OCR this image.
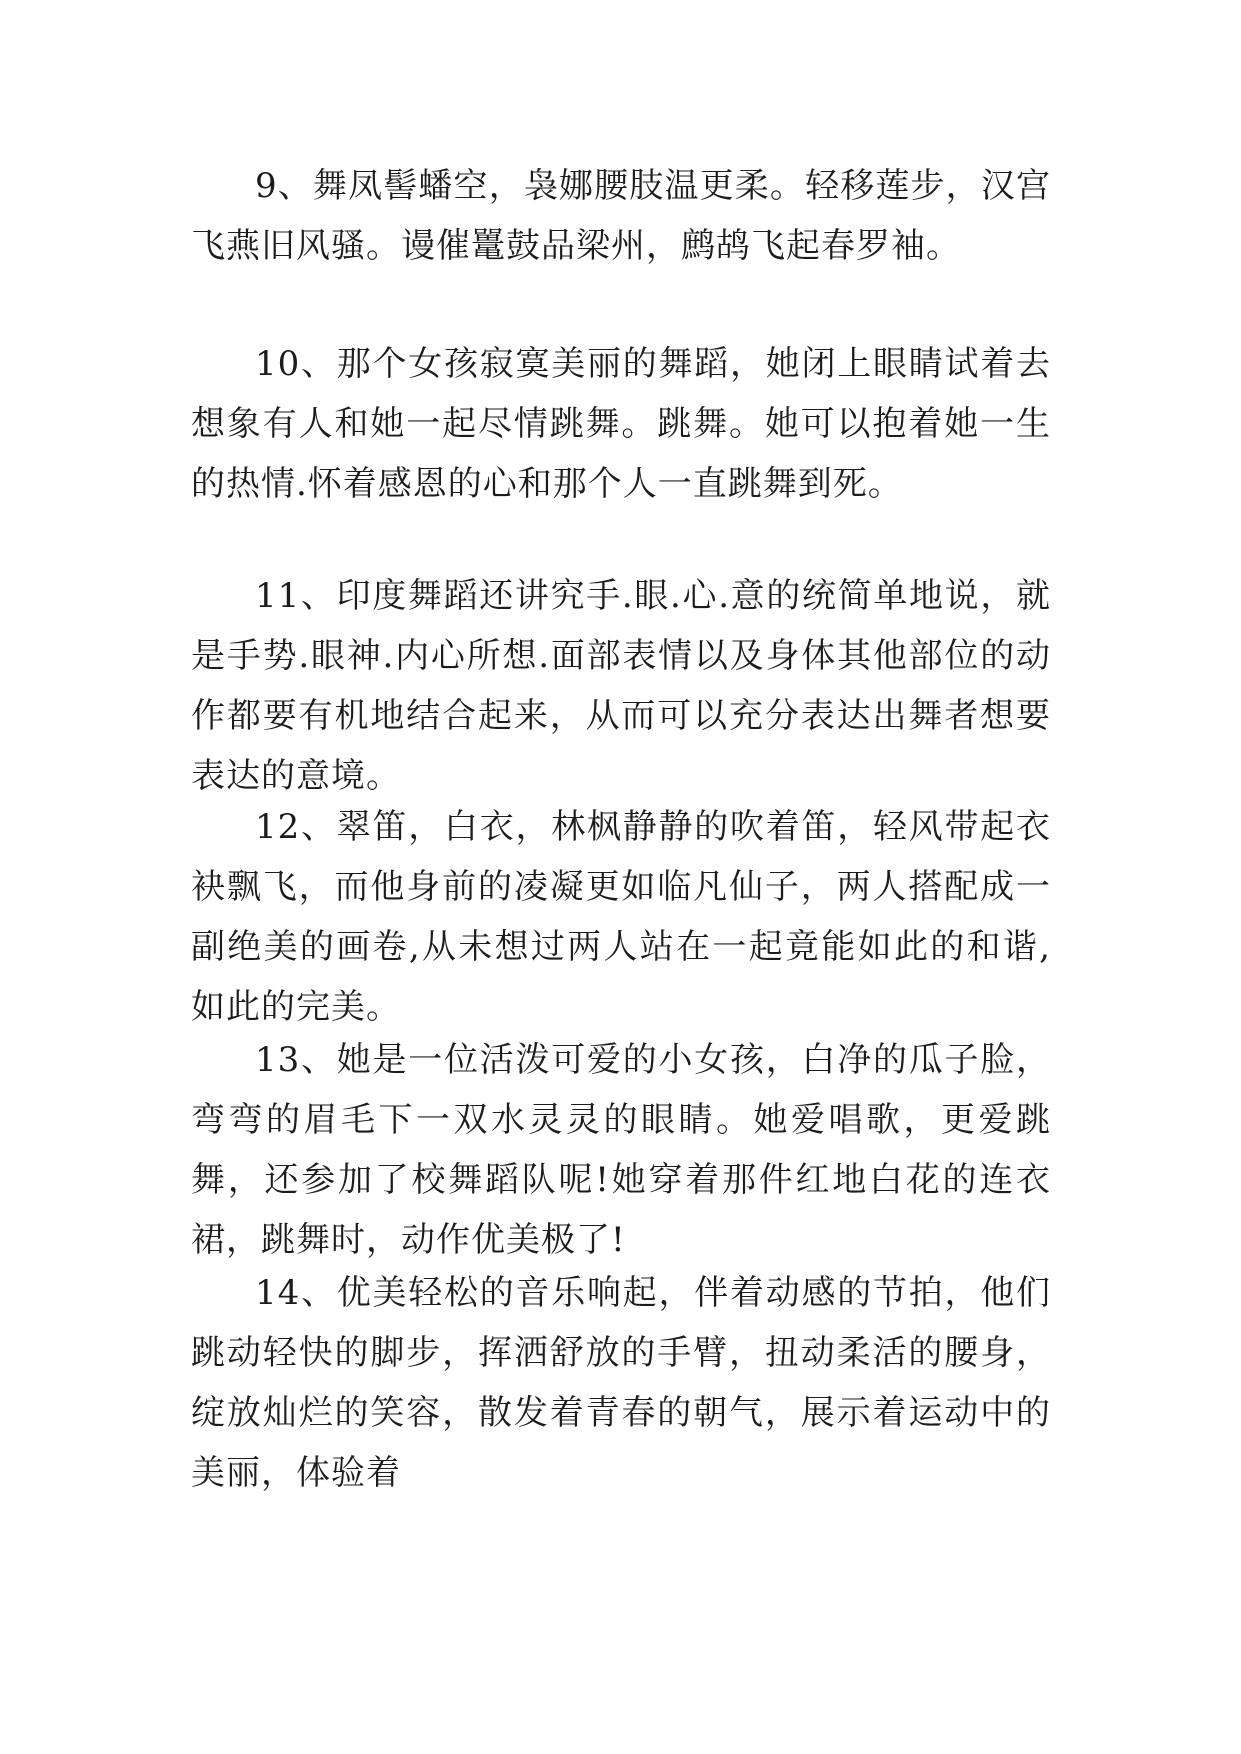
9、舞凤髻蟠空，袅娜腰肢温更柔。轻移莲步，汉宫飞燕旧风骚。谩催鼍鼓品梁州，鹧鸪飞起春罗袖。

10、那个女孩寂寞美丽的舞蹈，她闭上眼睛试着去想象有人和她一起尽情跳舞。跳舞。她可以抱着她一生的热情.怀着感恩的心和那个人一直跳舞到死。

11、印度舞蹈还讲究手.眼.心.意的统简单地说，就是手势.眼神.内心所想.面部表情以及身体其他部位的动作都要有机地结合起来，从而可以充分表达出舞者想要表达的意境。

12、翠笛，白衣，林枫静静的吹着笛，轻风带起衣袂飘飞，而他身前的凌凝更如临凡仙子，两人搭配成一副绝美的画卷,从未想过两人站在一起竟能如此的和谐,如此的完美。

13、她是一位活泼可爱的小女孩，白净的瓜子脸，弯弯的眉毛下一双水灵灵的眼睛。她爱唱歌，更爱跳舞，还参加了校舞蹈队呢!她穿着那件红地白花的连衣裙，跳舞时，动作优美极了!

14、优美轻松的音乐响起，伴着动感的节拍，他们跳动轻快的脚步，挥洒舒放的手臂，扭动柔活的腰身，绽放灿烂的笑容，散发着青春的朝气，展示着运动中的美丽，体验着
